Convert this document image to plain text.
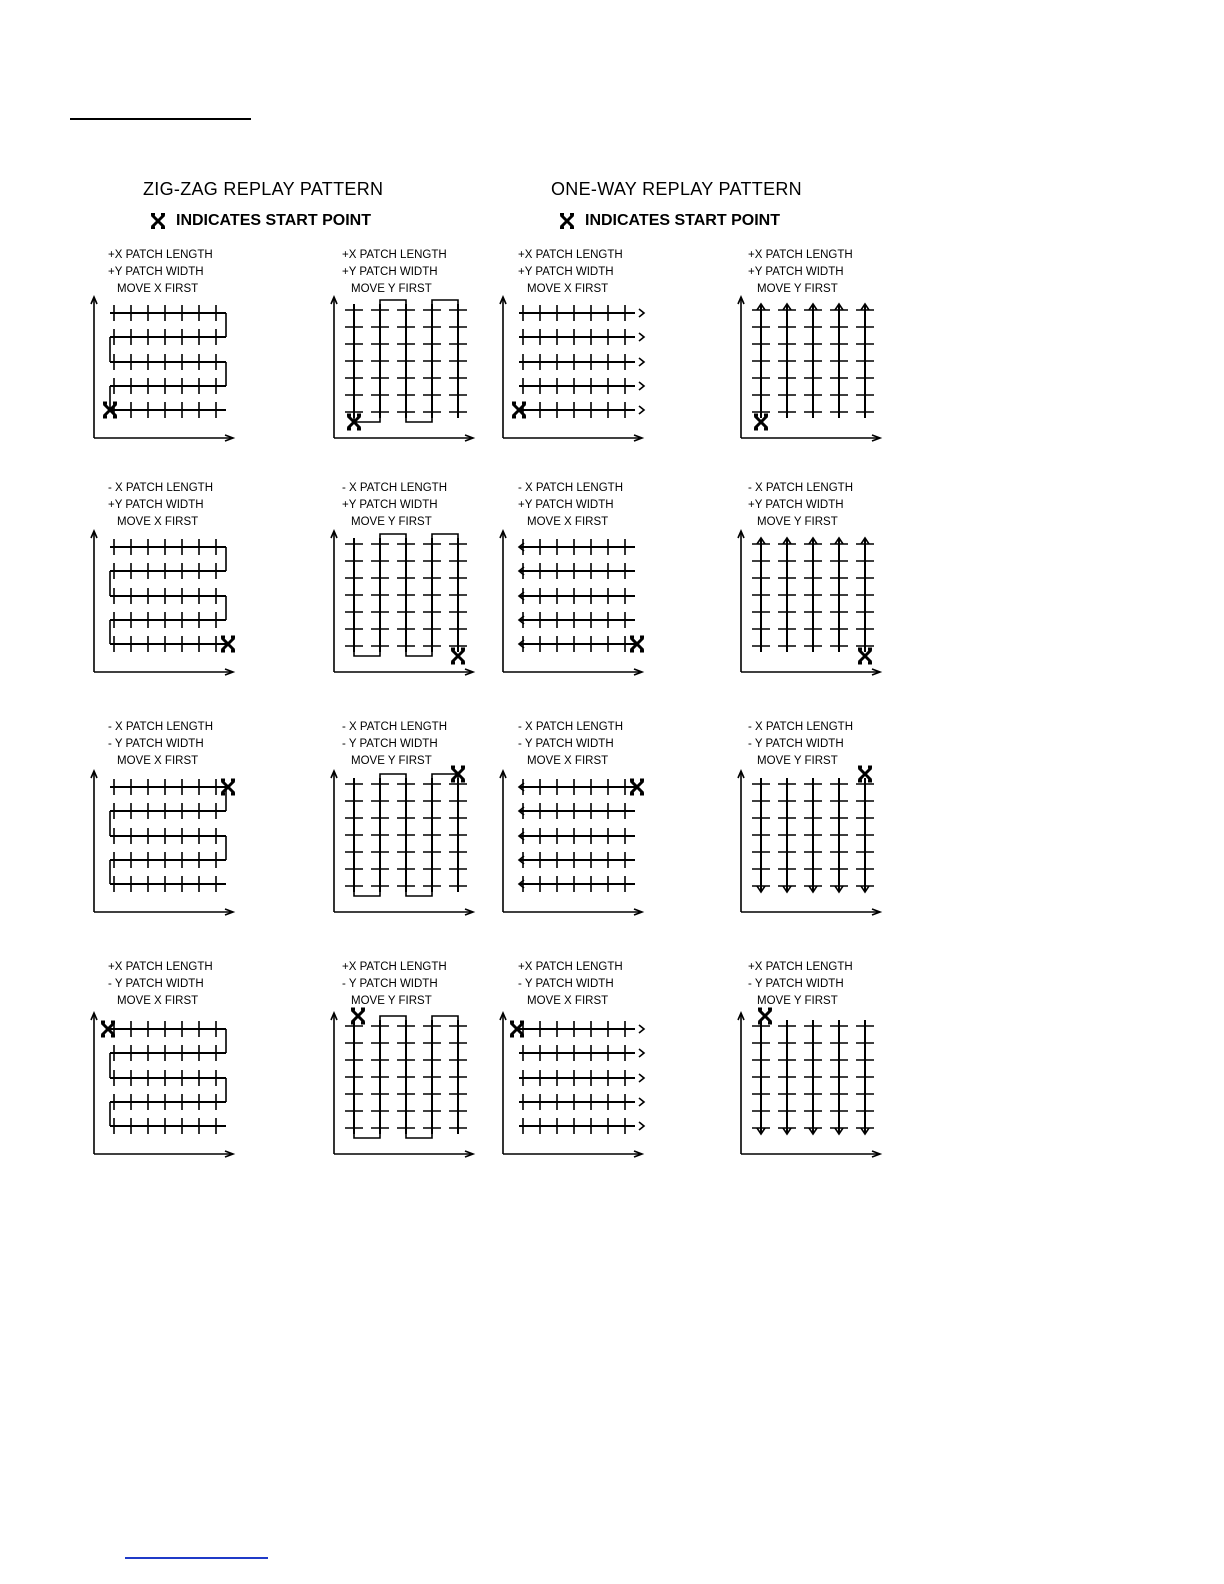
ZIG-ZAG REPLAY PATTERN	ONE-WAY REPLAY PATTERN
INDICATES START POINT	INDICATES START POINT
+X PATCH LENGTH
+Y PATCH WIDTH
MOVE X FIRST
+X PATCH LENGTH
+Y PATCH WIDTH
MOVE Y FIRST
+X PATCH LENGTH
+Y PATCH WIDTH
MOVE X FIRST
+X PATCH LENGTH
+Y PATCH WIDTH
MOVE Y FIRST
- X PATCH LENGTH
+Y PATCH WIDTH
MOVE X FIRST
- X PATCH LENGTH
+Y PATCH WIDTH
MOVE Y FIRST
- X PATCH LENGTH
+Y PATCH WIDTH
MOVE X FIRST
- X PATCH LENGTH
+Y PATCH WIDTH
MOVE Y FIRST
- X PATCH LENGTH
- Y PATCH WIDTH
MOVE X FIRST
- X PATCH LENGTH
- Y PATCH WIDTH
MOVE Y FIRST
- X PATCH LENGTH
- Y PATCH WIDTH
MOVE X FIRST
- X PATCH LENGTH
- Y PATCH WIDTH
MOVE Y FIRST
+X PATCH LENGTH
- Y PATCH WIDTH
MOVE X FIRST
+X PATCH LENGTH
- Y PATCH WIDTH
MOVE Y FIRST
+X PATCH LENGTH
- Y PATCH WIDTH
MOVE X FIRST
+X PATCH LENGTH
- Y PATCH WIDTH
MOVE Y FIRST
